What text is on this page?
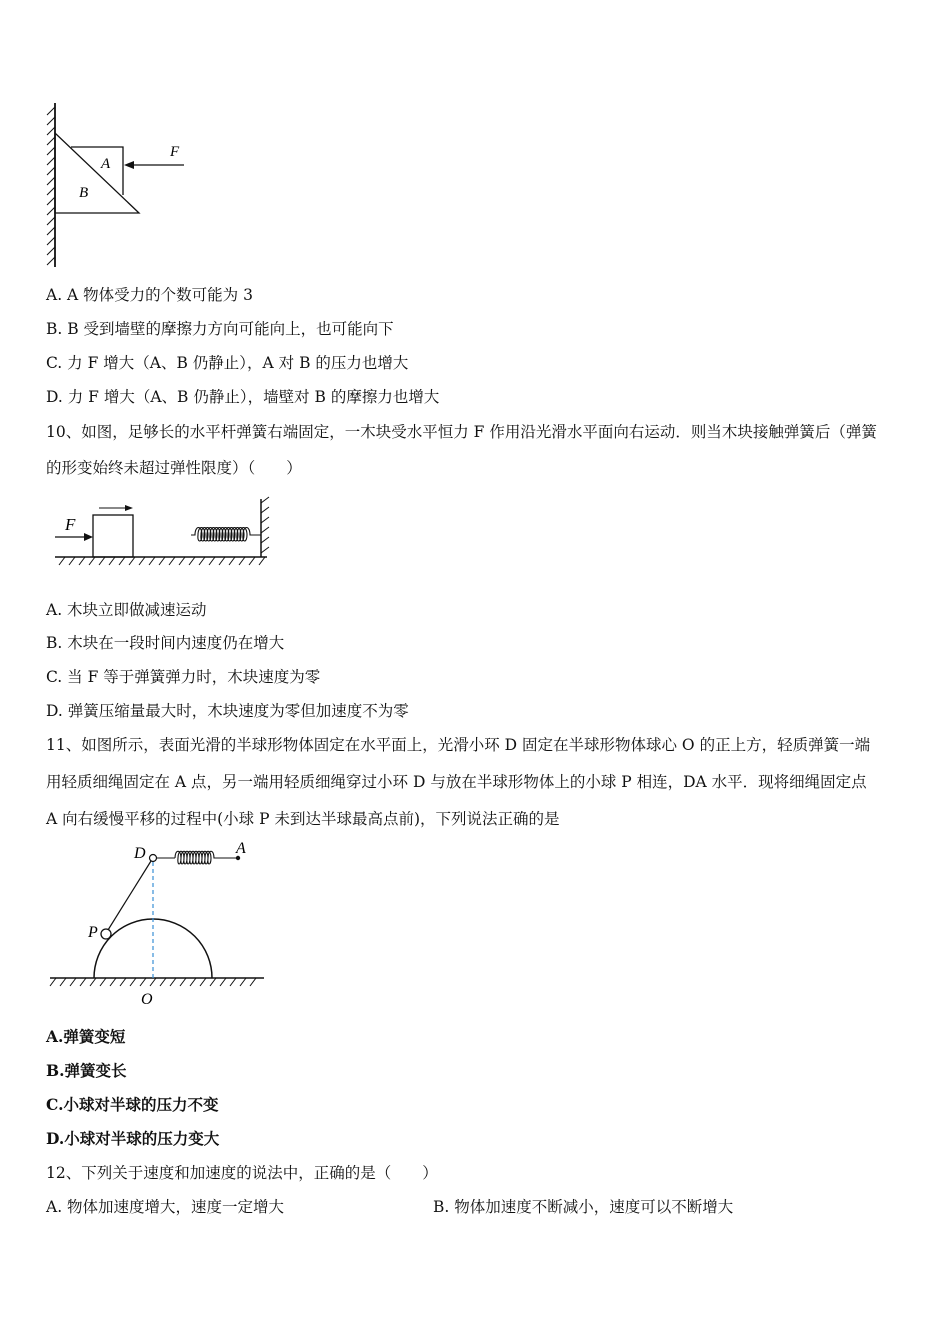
A
B
F
A. A 物体受力的个数可能为 3
B. B 受到墙壁的摩擦力方向可能向上，也可能向下
C. 力 F 增大（A、B 仍静止），A 对 B 的压力也增大
D. 力 F 增大（A、B 仍静止），墙壁对 B 的摩擦力也增大
10、如图，足够长的水平杆弹簧右端固定，一木块受水平恒力 F 作用沿光滑水平面向右运动．则当木块接触弹簧后（弹簧
的形变始终未超过弹性限度）（　　）
F
A. 木块立即做减速运动
B. 木块在一段时间内速度仍在增大
C. 当 F 等于弹簧弹力时，木块速度为零
D. 弹簧压缩量最大时，木块速度为零但加速度不为零
11、如图所示，表面光滑的半球形物体固定在水平面上，光滑小环 D 固定在半球形物体球心 O 的正上方，轻质弹簧一端
用轻质细绳固定在 A 点，另一端用轻质细绳穿过小环 D 与放在半球形物体上的小球 P 相连，DA 水平．现将细绳固定点
A 向右缓慢平移的过程中(小球 P 未到达半球最高点前)，下列说法正确的是
D	A
P
O
A.弹簧变短
B.弹簧变长
C.小球对半球的压力不变
D.小球对半球的压力变大
12、下列关于速度和加速度的说法中，正确的是（　　）
A. 物体加速度增大，速度一定增大	B. 物体加速度不断减小，速度可以不断增大
